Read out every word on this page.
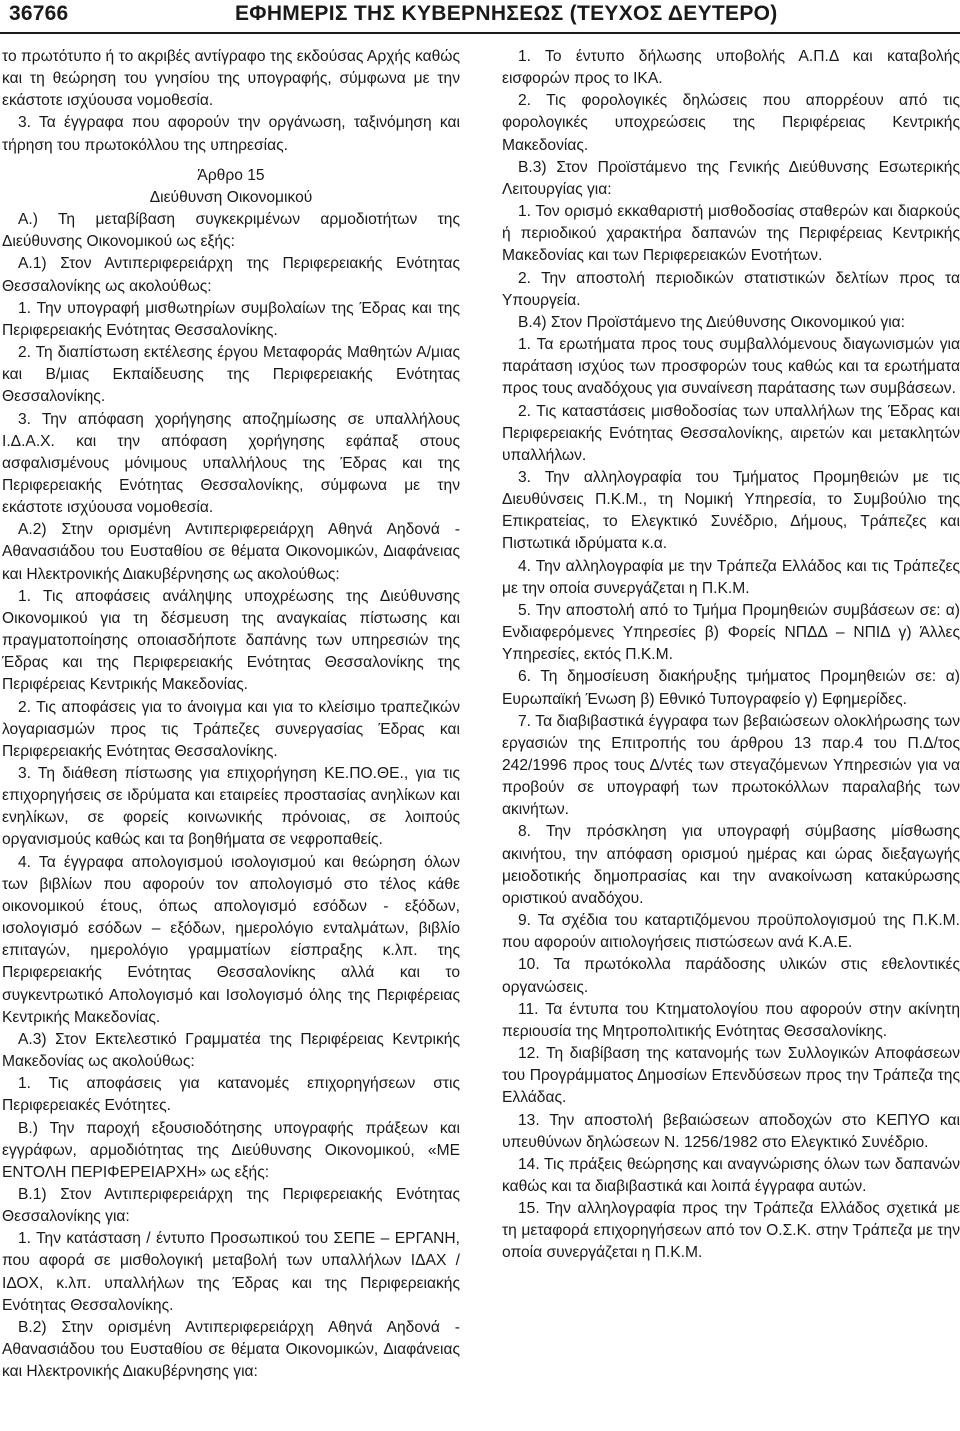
36766	ΕΦΗΜΕΡΙΣ ΤΗΣ ΚΥΒΕΡΝΗΣΕΩΣ (ΤΕΥΧΟΣ ΔΕΥΤΕΡΟ)

το πρωτότυπο ή το ακριβές αντίγραφο της εκδούσας Αρχής καθώς και τη θεώρηση του γνησίου της υπογραφής, σύμφωνα με την εκάστοτε ισχύουσα νομοθεσία.

3. Τα έγγραφα που αφορούν την οργάνωση, ταξινόμηση και τήρηση του πρωτοκόλλου της υπηρεσίας.

Άρθρο 15

Διεύθυνση Οικονομικού

Α.) Τη μεταβίβαση συγκεκριμένων αρμοδιοτήτων της Διεύθυνσης Οικονομικού ως εξής:

Α.1) Στον Αντιπεριφερειάρχη της Περιφερειακής Ενότητας Θεσσαλονίκης ως ακολούθως:

1. Την υπογραφή μισθωτηρίων συμβολαίων της Έδρας και της Περιφερειακής Ενότητας Θεσσαλονίκης.

2. Τη διαπίστωση εκτέλεσης έργου Μεταφοράς Μαθητών Α/μιας και Β/μιας Εκπαίδευσης της Περιφερειακής Ενότητας Θεσσαλονίκης.

3. Την απόφαση χορήγησης αποζημίωσης σε υπαλλήλους Ι.Δ.Α.Χ. και την απόφαση χορήγησης εφάπαξ στους ασφαλισμένους μόνιμους υπαλλήλους της Έδρας και της Περιφερειακής Ενότητας Θεσσαλονίκης, σύμφωνα με την εκάστοτε ισχύουσα νομοθεσία.

Α.2) Στην ορισμένη Αντιπεριφερειάρχη Αθηνά Αηδονά - Αθανασιάδου του Ευσταθίου σε θέματα Οικονομικών, Διαφάνειας και Ηλεκτρονικής Διακυβέρνησης ως ακολούθως:

1. Τις αποφάσεις ανάληψης υποχρέωσης της Διεύθυνσης Οικονομικού για τη δέσμευση της αναγκαίας πίστωσης και πραγματοποίησης οποιασδήποτε δαπάνης των υπηρεσιών της Έδρας και της Περιφερειακής Ενότητας Θεσσαλονίκης της Περιφέρειας Κεντρικής Μακεδονίας.

2. Τις αποφάσεις για το άνοιγμα και για το κλείσιμο τραπεζικών λογαριασμών προς τις Τράπεζες συνεργασίας Έδρας και Περιφερειακής Ενότητας Θεσσαλονίκης.

3. Τη διάθεση πίστωσης για επιχορήγηση ΚΕ.ΠΟ.ΘΕ., για τις επιχορηγήσεις σε ιδρύματα και εταιρείες προστασίας ανηλίκων και ενηλίκων, σε φορείς κοινωνικής πρόνοιας, σε λοιπούς οργανισμούς καθώς και τα βοηθήματα σε νεφροπαθείς.

4. Τα έγγραφα απολογισμού ισολογισμού και θεώρηση όλων των βιβλίων που αφορούν τον απολογισμό στο τέλος κάθε οικονομικού έτους, όπως απολογισμό εσόδων - εξόδων, ισολογισμό εσόδων – εξόδων, ημερολόγιο ενταλμάτων, βιβλίο επιταγών, ημερολόγιο γραμματίων είσπραξης κ.λπ. της Περιφερειακής Ενότητας Θεσσαλονίκης αλλά και το συγκεντρωτικό Απολογισμό και Ισολογισμό όλης της Περιφέρειας Κεντρικής Μακεδονίας.

Α.3) Στον Εκτελεστικό Γραμματέα της Περιφέρειας Κεντρικής Μακεδονίας ως ακολούθως:

1. Τις αποφάσεις για κατανομές επιχορηγήσεων στις Περιφερειακές Ενότητες.

Β.) Την παροχή εξουσιοδότησης υπογραφής πράξεων και εγγράφων, αρμοδιότητας της Διεύθυνσης Οικονομικού, «ΜΕ ΕΝΤΟΛΗ ΠΕΡΙΦΕΡΕΙΑΡΧΗ» ως εξής:

Β.1) Στον Αντιπεριφερειάρχη της Περιφερειακής Ενότητας Θεσσαλονίκης για:

1. Την κατάσταση / έντυπο Προσωπικού του ΣΕΠΕ – ΕΡΓΑΝΗ, που αφορά σε μισθολογική μεταβολή των υπαλλήλων ΙΔΑΧ / ΙΔΟΧ, κ.λπ. υπαλλήλων της Έδρας και της Περιφερειακής Ενότητας Θεσσαλονίκης.

Β.2) Στην ορισμένη Αντιπεριφερειάρχη Αθηνά Αηδονά - Αθανασιάδου του Ευσταθίου σε θέματα Οικονομικών, Διαφάνειας και Ηλεκτρονικής Διακυβέρνησης για:

1. Το έντυπο δήλωσης υποβολής Α.Π.Δ και καταβολής εισφορών προς το ΙΚΑ.

2. Τις φορολογικές δηλώσεις που απορρέουν από τις φορολογικές υποχρεώσεις της Περιφέρειας Κεντρικής Μακεδονίας.

Β.3) Στον Προϊστάμενο της Γενικής Διεύθυνσης Εσωτερικής Λειτουργίας για:

1. Τον ορισμό εκκαθαριστή μισθοδοσίας σταθερών και διαρκούς ή περιοδικού χαρακτήρα δαπανών της Περιφέρειας Κεντρικής Μακεδονίας και των Περιφερειακών Ενοτήτων.

2. Την αποστολή περιοδικών στατιστικών δελτίων προς τα Υπουργεία.

Β.4) Στον Προϊστάμενο της Διεύθυνσης Οικονομικού για:

1. Τα ερωτήματα προς τους συμβαλλόμενους διαγωνισμών για παράταση ισχύος των προσφορών τους καθώς και τα ερωτήματα προς τους αναδόχους για συναίνεση παράτασης των συμβάσεων.

2. Τις καταστάσεις μισθοδοσίας των υπαλλήλων της Έδρας και Περιφερειακής Ενότητας Θεσσαλονίκης, αιρετών και μετακλητών υπαλλήλων.

3. Την αλληλογραφία του Τμήματος Προμηθειών με τις Διευθύνσεις Π.Κ.Μ., τη Νομική Υπηρεσία, το Συμβούλιο της Επικρατείας, το Ελεγκτικό Συνέδριο, Δήμους, Τράπεζες και Πιστωτικά ιδρύματα κ.α.

4. Την αλληλογραφία με την Τράπεζα Ελλάδος και τις Τράπεζες με την οποία συνεργάζεται η Π.Κ.Μ.

5. Την αποστολή από το Τμήμα Προμηθειών συμβάσεων σε: α) Ενδιαφερόμενες Υπηρεσίες β) Φορείς ΝΠΔΔ – ΝΠΙΔ γ) Άλλες Υπηρεσίες, εκτός Π.Κ.Μ.

6. Τη δημοσίευση διακήρυξης τμήματος Προμηθειών σε: α) Ευρωπαϊκή Ένωση β) Εθνικό Τυπογραφείο γ) Εφημερίδες.

7. Τα διαβιβαστικά έγγραφα των βεβαιώσεων ολοκλήρωσης των εργασιών της Επιτροπής του άρθρου 13 παρ.4 του Π.Δ/τος 242/1996 προς τους Δ/ντές των στεγαζόμενων Υπηρεσιών για να προβούν σε υπογραφή των πρωτοκόλλων παραλαβής των ακινήτων.

8. Την πρόσκληση για υπογραφή σύμβασης μίσθωσης ακινήτου, την απόφαση ορισμού ημέρας και ώρας διεξαγωγής μειοδοτικής δημοπρασίας και την ανακοίνωση κατακύρωσης οριστικού αναδόχου.

9. Τα σχέδια του καταρτιζόμενου προϋπολογισμού της Π.Κ.Μ. που αφορούν αιτιολογήσεις πιστώσεων ανά Κ.Α.Ε.

10. Τα πρωτόκολλα παράδοσης υλικών στις εθελοντικές οργανώσεις.

11. Τα έντυπα του Κτηματολογίου που αφορούν στην ακίνητη περιουσία της Μητροπολιτικής Ενότητας Θεσσαλονίκης.

12. Τη διαβίβαση της κατανομής των Συλλογικών Αποφάσεων του Προγράμματος Δημοσίων Επενδύσεων προς την Τράπεζα της Ελλάδας.

13. Την αποστολή βεβαιώσεων αποδοχών στο ΚΕΠΥΟ και υπευθύνων δηλώσεων Ν. 1256/1982 στο Ελεγκτικό Συνέδριο.

14. Τις πράξεις θεώρησης και αναγνώρισης όλων των δαπανών καθώς και τα διαβιβαστικά και λοιπά έγγραφα αυτών.

15. Την αλληλογραφία προς την Τράπεζα Ελλάδος σχετικά με τη μεταφορά επιχορηγήσεων από τον Ο.Σ.Κ. στην Τράπεζα με την οποία συνεργάζεται η Π.Κ.Μ.
